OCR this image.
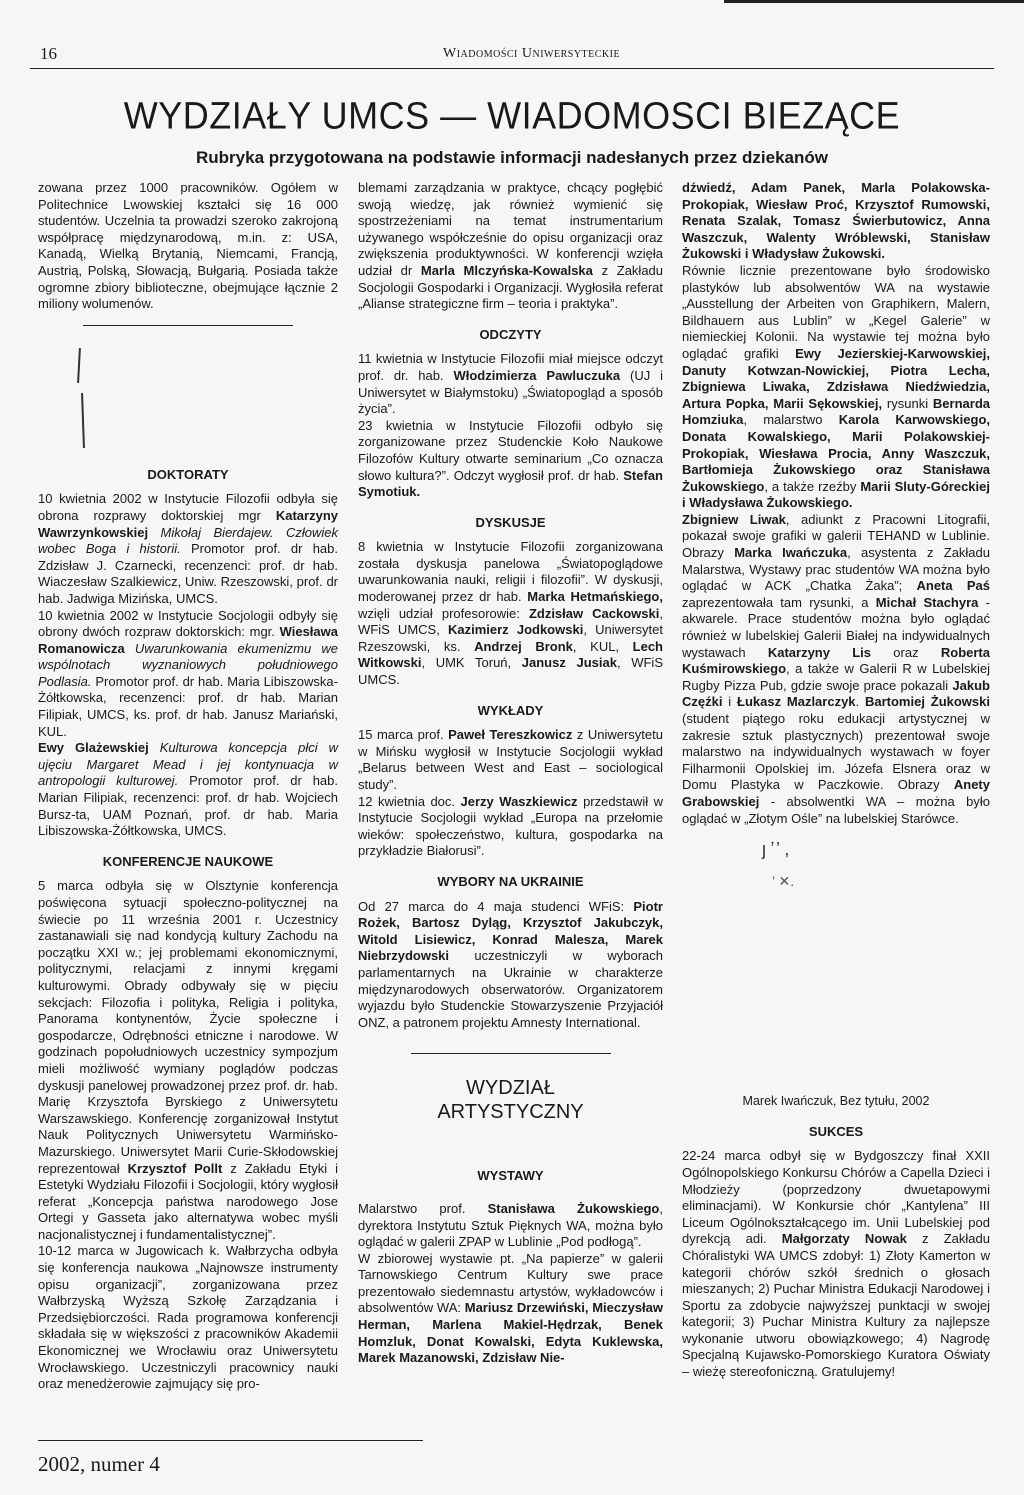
16	Wiadomości Uniwersyteckie
WYDZIAŁY UMCS — WIADOMOSCI BIEZĄCE
Rubryka przygotowana na podstawie informacji nadesłanych przez dziekanów

zowana przez 1000 pracowników. Ogółem w Politechnice Lwowskiej kształci się 16 000 studentów. Uczelnia ta prowadzi szeroko zakrojoną współpracę międzynarodową, m.in. z: USA, Kanadą, Wielką Brytanią, Niemcami, Francją, Austrią, Polską, Słowacją, Bułgarią. Posiada także ogromne zbiory biblioteczne, obejmujące łącznie 2 miliony wolumenów.

DOKTORATY

10 kwietnia 2002 w Instytucie Filozofii odbyła się obrona rozprawy doktorskiej mgr Katarzyny Wawrzynkowskiej Mikołaj Bierdajew. Człowiek wobec Boga i historii. Promotor prof. dr hab. Zdzisław J. Czarnecki, recenzenci: prof. dr hab. Wiaczesław Szalkiewicz, Uniw. Rzeszowski, prof. dr hab. Jadwiga Mizińska, UMCS.

10 kwietnia 2002 w Instytucie Socjologii odbyły się obrony dwóch rozpraw doktorskich: mgr. Wiesława Romanowicza Uwarunkowania ekumenizmu we wspólnotach wyznaniowych południowego Podlasia. Promotor prof. dr hab. Maria Libiszowska-Żółtkowska, recenzenci: prof. dr hab. Marian Filipiak, UMCS, ks. prof. dr hab. Janusz Mariański, KUL.

Ewy Glażewskiej Kulturowa koncepcja płci w ujęciu Margaret Mead i jej kontynuacja w antropologii kulturowej. Promotor prof. dr hab. Marian Filipiak, recenzenci: prof. dr hab. Wojciech Bursz-ta, UAM Poznań, prof. dr hab. Maria Libiszowska-Żółtkowska, UMCS.

KONFERENCJE NAUKOWE

5 marca odbyła się w Olsztynie konferencja poświęcona sytuacji społeczno-politycznej na świecie po 11 września 2001 r. Uczestnicy zastanawiali się nad kondycją kultury Zachodu na początku XXI w.; jej problemami ekonomicznymi, politycznymi, relacjami z innymi kręgami kulturowymi. Obrady odbywały się w pięciu sekcjach: Filozofia i polityka, Religia i polityka, Panorama kontynentów, Życie społeczne i gospodarcze, Odrębności etniczne i narodowe. W godzinach popołudniowych uczestnicy sympozjum mieli możliwość wymiany poglądów podczas dyskusji panelowej prowadzonej przez prof. dr. hab. Marię Krzysztofa Byrskiego z Uniwersytetu Warszawskiego. Konferencję zorganizował Instytut Nauk Politycznych Uniwersytetu Warmińsko-Mazurskiego. Uniwersytet Marii Curie-Skłodowskiej reprezentował Krzysztof Pollt z Zakładu Etyki i Estetyki Wydziału Filozofii i Socjologii, który wygłosił referat „Koncepcja państwa narodowego Jose Ortegi y Gasseta jako alternatywa wobec myśli nacjonalistycznej i fundamentalistycznej”.

10-12 marca w Jugowicach k. Wałbrzycha odbyła się konferencja naukowa „Najnowsze instrumenty opisu organizacji”, zorganizowana przez Wałbrzyską Wyższą Szkołę Zarządzania i Przedsiębiorczości. Rada programowa konferencji składała się w większości z pracowników Akademii Ekonomicznej we Wrocławiu oraz Uniwersytetu Wrocławskiego. Uczestniczyli pracownicy nauki oraz menedżerowie zajmujący się pro-

blemami zarządzania w praktyce, chcący pogłębić swoją wiedzę, jak również wymienić się spostrzeżeniami na temat instrumentarium używanego współcześnie do opisu organizacji oraz zwiększenia produktywności. W konferencji wzięła udział dr Marla Mlczyńska-Kowalska z Zakładu Socjologii Gospodarki i Organizacji. Wygłosiła referat „Alianse strategiczne firm – teoria i praktyka”.

ODCZYTY

11 kwietnia w Instytucie Filozofii miał miejsce odczyt prof. dr. hab. Włodzimierza Pawluczuka (UJ i Uniwersytet w Białymstoku) „Światopogląd a sposób życia”.

23 kwietnia w Instytucie Filozofii odbyło się zorganizowane przez Studenckie Koło Naukowe Filozofów Kultury otwarte seminarium „Co oznacza słowo kultura?”. Odczyt wygłosił prof. dr hab. Stefan Symotiuk.

DYSKUSJE

8 kwietnia w Instytucie Filozofii zorganizowana została dyskusja panelowa „Światopoglądowe uwarunkowania nauki, religii i filozofii”. W dyskusji, moderowanej przez dr hab. Marka Hetmańskiego, wzięli udział profesorowie: Zdzisław Cackowski, WFiS UMCS, Kazimierz Jodkowski, Uniwersytet Rzeszowski, ks. Andrzej Bronk, KUL, Lech Witkowski, UMK Toruń, Janusz Jusiak, WFiS UMCS.

WYKŁADY

15 marca prof. Paweł Tereszkowicz z Uniwersytetu w Mińsku wygłosił w Instytucie Socjologii wykład „Belarus between West and East – sociological study”.

12 kwietnia doc. Jerzy Waszkiewicz przedstawił w Instytucie Socjologii wykład „Europa na przełomie wieków: społeczeństwo, kultura, gospodarka na przykładzie Białorusi”.

WYBORY NA UKRAINIE

Od 27 marca do 4 maja studenci WFiS: Piotr Rożek, Bartosz Dyląg, Krzysztof Jakubczyk, Witold Lisiewicz, Konrad Malesza, Marek Niebrzydowski uczestniczyli w wyborach parlamentarnych na Ukrainie w charakterze międzynarodowych obserwatorów. Organizatorem wyjazdu było Studenckie Stowarzyszenie Przyjaciół ONZ, a patronem projektu Amnesty International.

WYDZIAŁ

ARTYSTYCZNY

WYSTAWY

Malarstwo prof. Stanisława Żukowskiego, dyrektora Instytutu Sztuk Pięknych WA, można było oglądać w galerii ZPAP w Lublinie „Pod podłogą”.

W zbiorowej wystawie pt. „Na papierze” w galerii Tarnowskiego Centrum Kultury swe prace prezentowało siedemnastu artystów, wykładowców i absolwentów WA: Mariusz Drzewiński, Mieczysław Herman, Marlena Makiel-Hędrzak, Benek Homzluk, Donat Kowalski, Edyta Kuklewska, Marek Mazanowski, Zdzisław Nie-

dźwiedź, Adam Panek, Marla Polakowska-Prokopiak, Wiesław Proć, Krzysztof Rumowski, Renata Szalak, Tomasz Świerbutowicz, Anna Waszczuk, Walenty Wróblewski, Stanisław Żukowski i Władysław Żukowski.

Równie licznie prezentowane było środowisko plastyków lub absolwentów WA na wystawie „Ausstellung der Arbeiten von Graphikern, Malern, Bildhauern aus Lublin” w „Kegel Galerie” w niemieckiej Kolonii. Na wystawie tej można było oglądać grafiki Ewy Jezierskiej-Karwowskiej, Danuty Kotwzan-Nowickiej, Piotra Lecha, Zbigniewa Liwaka, Zdzisława Niedźwiedzia, Artura Popka, Marii Sękowskiej, rysunki Bernarda Homziuka, malarstwo Karola Karwowskiego, Donata Kowalskiego, Marii Polakowskiej-Prokopiak, Wiesława Procia, Anny Waszczuk, Bartłomieja Żukowskiego oraz Stanisława Żukowskiego, a także rzeźby Marii Sluty-Góreckiej i Władysława Żukowskiego.

Zbigniew Liwak, adiunkt z Pracowni Litografii, pokazał swoje grafiki w galerii TEHAND w Lublinie. Obrazy Marka Iwańczuka, asystenta z Zakładu Malarstwa, Wystawy prac studentów WA można było oglądać w ACK „Chatka Żaka”; Aneta Paś zaprezentowała tam rysunki, a Michał Stachyra - akwarele. Prace studentów można było oglądać również w lubelskiej Galerii Białej na indywidualnych wystawach Katarzyny Lis oraz Roberta Kuśmirowskiego, a także w Galerii R w Lubelskiej Rugby Pizza Pub, gdzie swoje prace pokazali Jakub Częźki i Łukasz Mazlarczyk. Bartomiej Żukowski (student piątego roku edukacji artystycznej w zakresie sztuk plastycznych) prezentował swoje malarstwo na indywidualnych wystawach w foyer Filharmonii Opolskiej im. Józefa Elsnera oraz w Domu Plastyka w Paczkowie. Obrazy Anety Grabowskiej - absolwentki WA – można było oglądać w „Złotym Ośle” na lubelskiej Starówce.

ȷ ̛ ’ ,
’ ✕.
Marek Iwańczuk, Bez tytułu, 2002
SUKCES

22-24 marca odbył się w Bydgoszczy finał XXII Ogólnopolskiego Konkursu Chórów a Capella Dzieci i Młodzieży (poprzedzony dwuetapowymi eliminacjami). W Konkursie chór „Kantylena” III Liceum Ogólnokształcącego im. Unii Lubelskiej pod dyrekcją adi. Małgorzaty Nowak z Zakładu Chóralistyki WA UMCS zdobył: 1) Złoty Kamerton w kategorii chórów szkół średnich o głosach mieszanych; 2) Puchar Ministra Edukacji Narodowej i Sportu za zdobycie najwyższej punktacji w swojej kategorii; 3) Puchar Ministra Kultury za najlepsze wykonanie utworu obowiązkowego; 4) Nagrodę Specjalną Kujawsko-Pomorskiego Kuratora Oświaty – wieżę stereofoniczną. Gratulujemy!

2002, numer 4
